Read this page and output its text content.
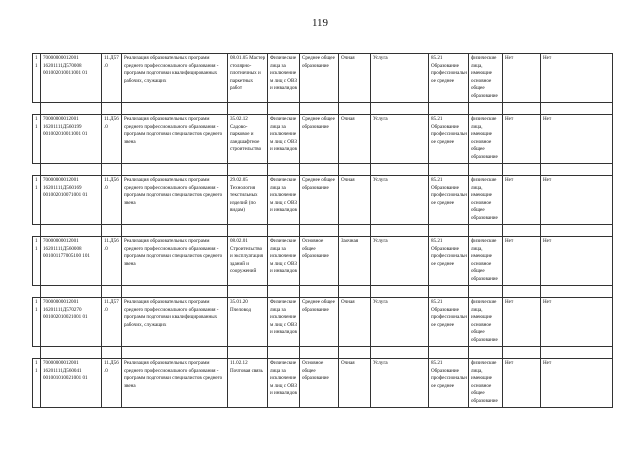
119
11	70000000012001 16201111Д570008 001002010011001 01	11.Д57.0	Реализация образовательных программ среднего профессионального образования - программ подготовки квалифицированных рабочих, служащих	08.01.05 Мастер столярно-плотничных и паркетных работ	Физические лица за исключением лиц с ОВЗ и инвалидов	Среднее общее образование	Очная	Услуга	85.21 Образование профессиональное среднее	физические лица, имеющие основное общее образование	Нет	Нет

11	70000000012001 16201111Д560199 001002010011001 01	11.Д56.0	Реализация образовательных программ среднего профессионального образования - программ подготовки специалистов среднего звена	35.02.12 Садово-парковое и ландшафтное строительство	Физические лица за исключением лиц с ОВЗ и инвалидов	Среднее общее образование	Очная	Услуга	85.21 Образование профессиональное среднее	физические лица, имеющие основное общее образование	Нет	Нет

11	70000000012001 16201111Д560169 001002010071001 01	11.Д56.0	Реализация образовательных программ среднего профессионального образования - программ подготовки специалистов среднего звена	29.02.05 Технология текстильных изделий (по видам)	Физические лица за исключением лиц с ОВЗ и инвалидов	Среднее общее образование	Очная	Услуга	85.21 Образование профессиональное среднее	физические лица, имеющие основное общее образование	Нет	Нет

11	70000000012001 16201111Д560008 001001177005100 101	11.Д56.0	Реализация образовательных программ среднего профессионального образования - программ подготовки специалистов среднего звена	08.02.01 Строительство и эксплуатация зданий и сооружений	Физические лица за исключением лиц с ОВЗ и инвалидов	Основное общее образование	Заочная	Услуга	85.21 Образование профессиональное среднее	физические лица, имеющие основное общее образование	Нет	Нет

11	70000000012001 16201111Д570270 001002010021001 01	11.Д57.0	Реализация образовательных программ среднего профессионального образования - программ подготовки квалифицированных рабочих, служащих	35.01.20 Пчеловод	Физические лица за исключением лиц с ОВЗ и инвалидов	Среднее общее образование	Очная	Услуга	85.21 Образование профессиональное среднее	физические лица, имеющие основное общее образование	Нет	Нет

11	70000000012001 16201111Д560041 001001010021001 01	11.Д56.0	Реализация образовательных программ среднего профессионального образования - программ подготовки специалистов среднего звена	11.02.12 Почтовая связь	Физические лица за исключением лиц с ОВЗ и инвалидов	Основное общее образование	Очная	Услуга	85.21 Образование профессиональное среднее	физические лица, имеющие основное общее образование	Нет	Нет
